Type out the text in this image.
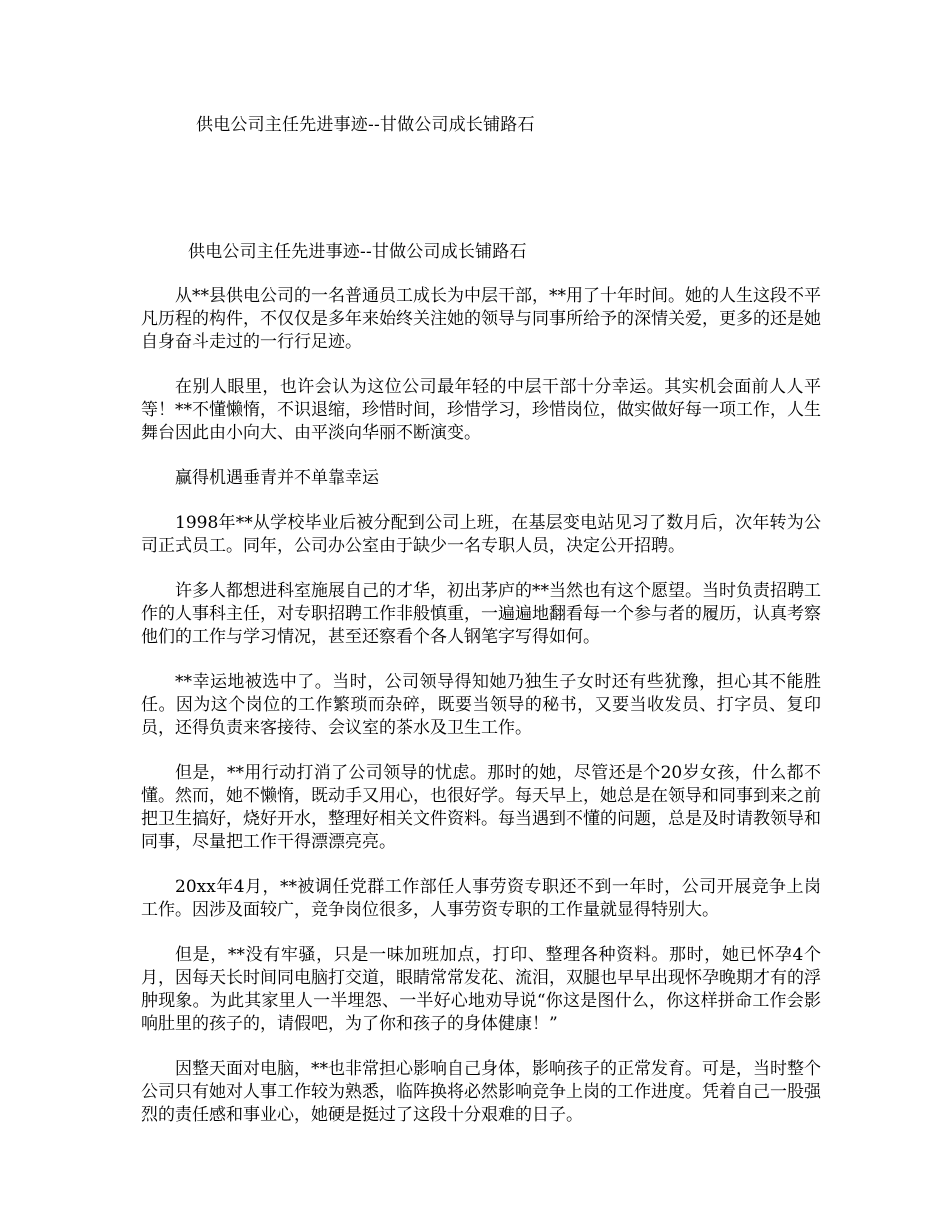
供电公司主任先进事迹--甘做公司成长铺路石
供电公司主任先进事迹--甘做公司成长铺路石

从**县供电公司的一名普通员工成长为中层干部，**用了十年时间。她的人生这段不平凡历程的构件，不仅仅是多年来始终关注她的领导与同事所给予的深情关爱，更多的还是她自身奋斗走过的一行行足迹。

在别人眼里，也许会认为这位公司最年轻的中层干部十分幸运。其实机会面前人人平等！**不懂懒惰，不识退缩，珍惜时间，珍惜学习，珍惜岗位，做实做好每一项工作，人生舞台因此由小向大、由平淡向华丽不断演变。

赢得机遇垂青并不单靠幸运

1998年**从学校毕业后被分配到公司上班，在基层变电站见习了数月后，次年转为公司正式员工。同年，公司办公室由于缺少一名专职人员，决定公开招聘。

许多人都想进科室施展自己的才华，初出茅庐的**当然也有这个愿望。当时负责招聘工作的人事科主任，对专职招聘工作非般慎重，一遍遍地翻看每一个参与者的履历，认真考察他们的工作与学习情况，甚至还察看个各人钢笔字写得如何。

**幸运地被选中了。当时，公司领导得知她乃独生子女时还有些犹豫，担心其不能胜任。因为这个岗位的工作繁琐而杂碎，既要当领导的秘书，又要当收发员、打字员、复印员，还得负责来客接待、会议室的茶水及卫生工作。

但是，**用行动打消了公司领导的忧虑。那时的她，尽管还是个20岁女孩，什么都不懂。然而，她不懒惰，既动手又用心，也很好学。每天早上，她总是在领导和同事到来之前把卫生搞好，烧好开水，整理好相关文件资料。每当遇到不懂的问题，总是及时请教领导和同事，尽量把工作干得漂漂亮亮。

20xx年4月，**被调任党群工作部任人事劳资专职还不到一年时，公司开展竞争上岗工作。因涉及面较广，竞争岗位很多，人事劳资专职的工作量就显得特别大。

但是，**没有牢骚，只是一味加班加点，打印、整理各种资料。那时，她已怀孕4个月，因每天长时间同电脑打交道，眼睛常常发花、流泪，双腿也早早出现怀孕晚期才有的浮肿现象。为此其家里人一半埋怨、一半好心地劝导说“你这是图什么，你这样拼命工作会影响肚里的孩子的，请假吧，为了你和孩子的身体健康！”

因整天面对电脑，**也非常担心影响自己身体，影响孩子的正常发育。可是，当时整个公司只有她对人事工作较为熟悉，临阵换将必然影响竞争上岗的工作进度。凭着自己一股强烈的责任感和事业心，她硬是挺过了这段十分艰难的日子。
